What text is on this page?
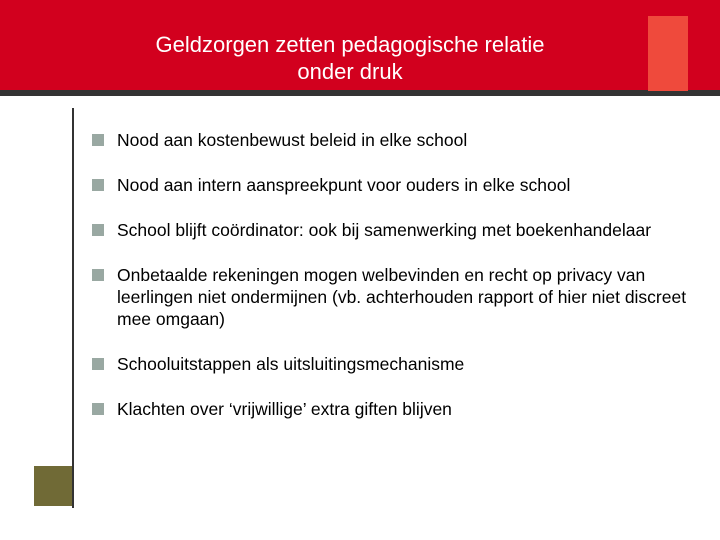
Geldzorgen zetten pedagogische relatie
onder druk
Nood aan kostenbewust beleid in elke school
Nood aan intern aanspreekpunt voor ouders in elke school
School blijft coördinator: ook bij samenwerking met boekenhandelaar
Onbetaalde rekeningen mogen welbevinden en recht op privacy van leerlingen niet ondermijnen (vb. achterhouden rapport of hier niet discreet mee omgaan)
Schooluitstappen als uitsluitingsmechanisme
Klachten over ‘vrijwillige’ extra giften blijven
